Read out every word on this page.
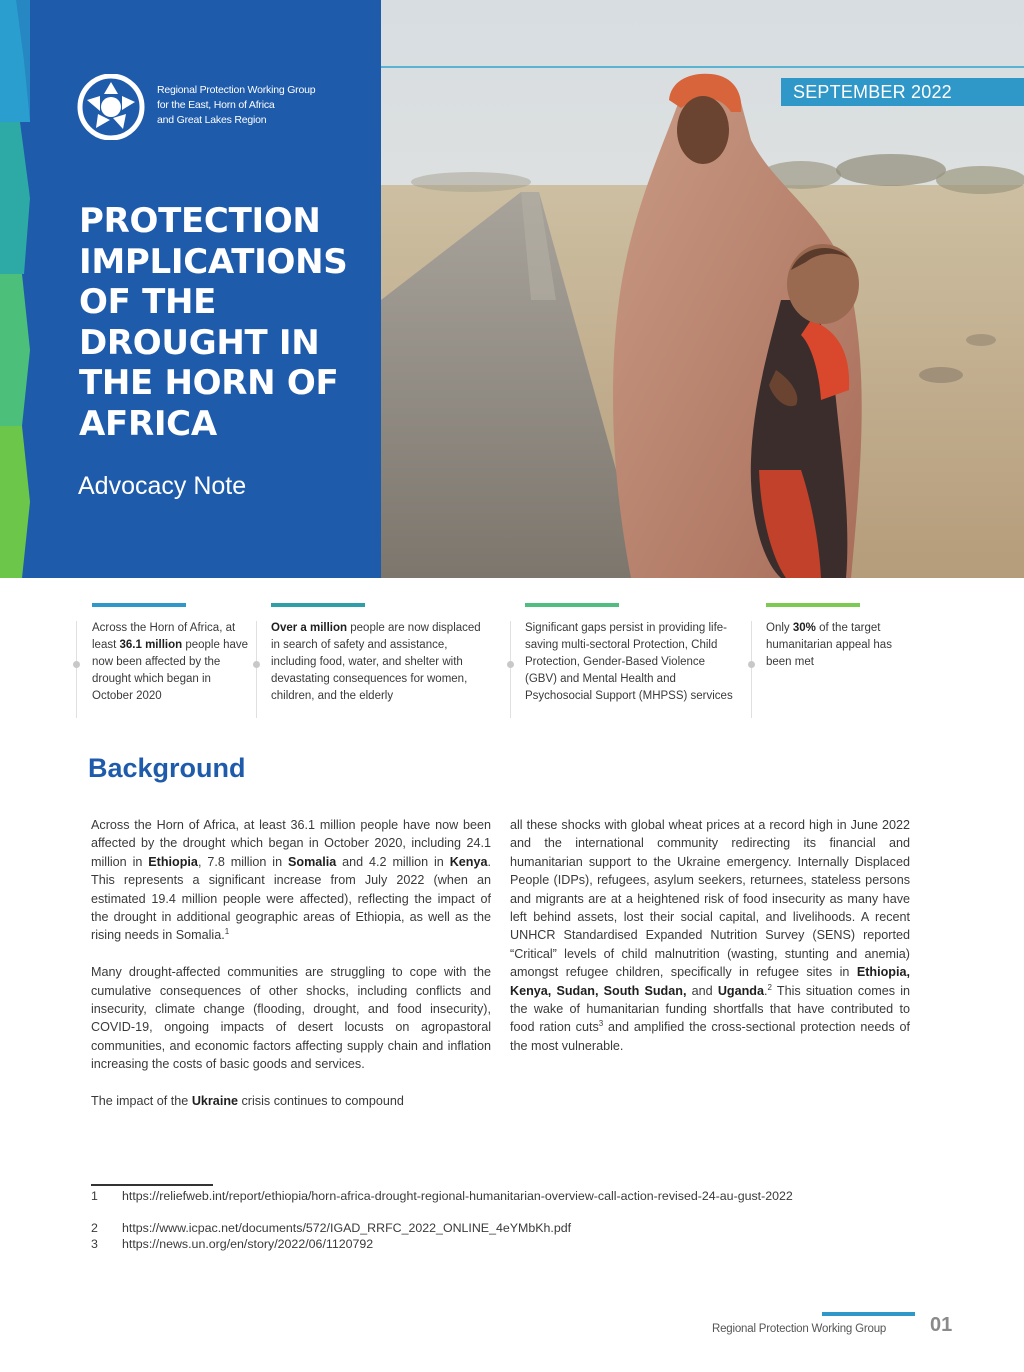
Regional Protection Working Group
for the East, Horn of Africa
and Great Lakes Region
PROTECTION
IMPLICATIONS
OF THE
DROUGHT IN
THE HORN OF
AFRICA
Advocacy Note
SEPTEMBER 2022
Across the Horn of Africa, at least 36.1 million people have now been affected by the drought which began in October 2020
Over a million people are now displaced in search of safety and assistance, including food, water, and shelter with devastating consequences for women, children, and the elderly
Significant gaps persist in providing life-saving multi-sectoral Protection, Child Protection, Gender-Based Violence (GBV) and Mental Health and Psychosocial Support (MHPSS) services
Only 30% of the target humanitarian appeal has been met
Background

Across the Horn of Africa, at least 36.1 million people have now been affected by the drought which began in October 2020, including 24.1 million in Ethiopia, 7.8 million in Somalia and 4.2 million in Kenya. This represents a significant increase from July 2022 (when an estimated 19.4 million people were affected), reflecting the impact of the drought in additional geographic areas of Ethiopia, as well as the rising needs in Somalia.$^1$

Many drought-affected communities are struggling to cope with the cumulative consequences of other shocks, including conflicts and insecurity, climate change (flooding, drought, and food insecurity), COVID-19, ongoing impacts of desert locusts on agropastoral communities, and economic factors affecting supply chain and inflation increasing the costs of basic goods and services.

The impact of the Ukraine crisis continues to compound

all these shocks with global wheat prices at a record high in June 2022 and the international community redirecting its financial and humanitarian support to the Ukraine emergency. Internally Displaced People (IDPs), refugees, asylum seekers, returnees, stateless persons and migrants are at a heightened risk of food insecurity as many have left behind assets, lost their social capital, and livelihoods. A recent UNHCR Standardised Expanded Nutrition Survey (SENS) reported “Critical” levels of child malnutrition (wasting, stunting and anemia) amongst refugee children, specifically in refugee sites in Ethiopia, Kenya, Sudan, South Sudan, and Uganda.$^2$ This situation comes in the wake of humanitarian funding shortfalls that have contributed to food ration cuts$^3$ and amplified the cross-sectional protection needs of the most vulnerable.

1	https://reliefweb.int/report/ethiopia/horn-africa-drought-regional-humanitarian-overview-call-action-revised-24-au-gust-2022
2	https://www.icpac.net/documents/572/IGAD_RRFC_2022_ONLINE_4eYMbKh.pdf
3	https://news.un.org/en/story/2022/06/1120792
Regional Protection Working Group 01
